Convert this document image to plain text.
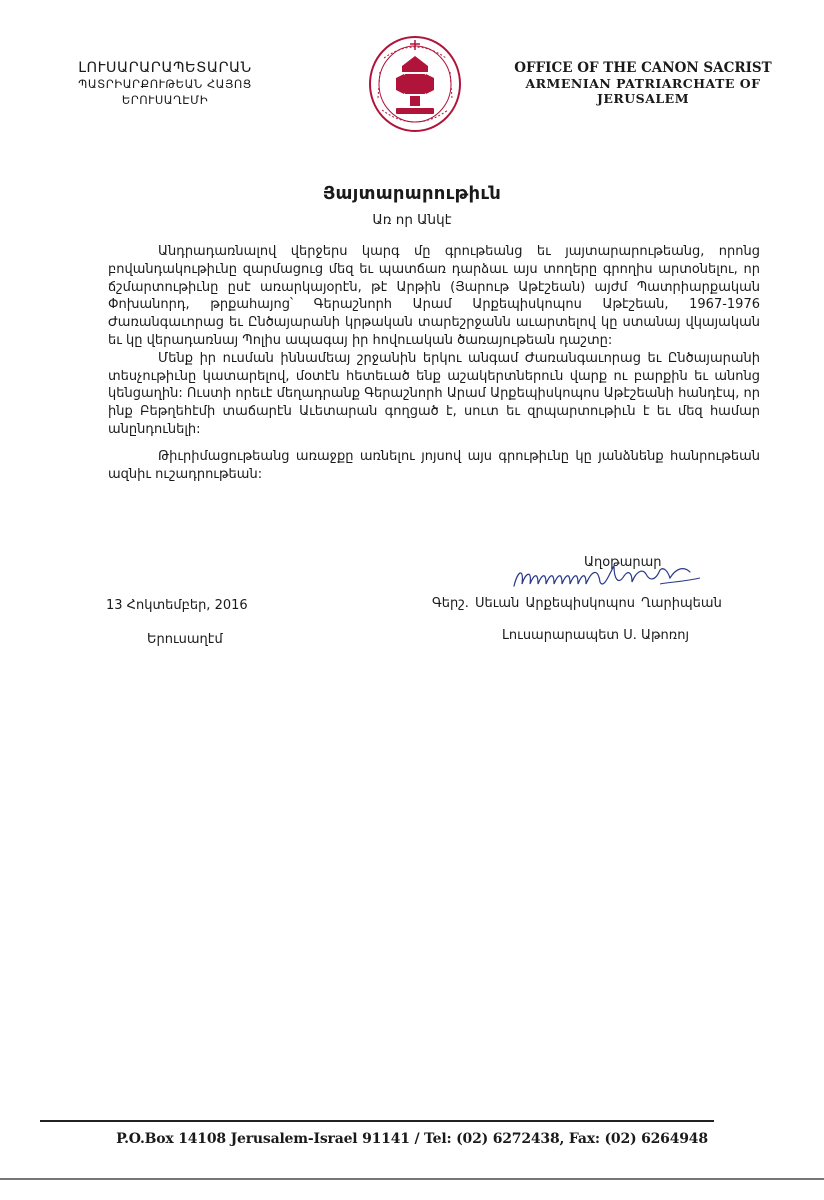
ԼՈՒՍԱՐԱՐԱՊԵՏԱՐԱՆ
ՊԱՏՐԻԱՐՔՈՒԹԵԱՆ ՀԱՅՈՑ
ԵՐՈՒՍԱՂԷՄԻ
OFFICE OF THE CANON SACRIST
ARMENIAN PATRIARCHATE OF
JERUSALEM
Յայտարարութիւն
Առ որ Անկէ

Անդրադառնալով վերջերս կարգ մը գրութեանց եւ յայտարարութեանց, որոնց բովանդակութիւնը զարմացուց մեզ եւ պատճառ դարձաւ այս տողերը գրողիս արտօնելու, որ ճշմարտութիւնը ըսէ առարկայօրէն, թէ Արթին (Յարութ Աթէշեան) այժմ Պատրիարքական Փոխանորդ, թրքահայոց՝ Գերաշնորհ Արամ Արքեպիսկոպոս Աթէշեան, 1967-1976 Ժառանգաւորաց եւ Ընծայարանի կրթական տարեշրջանն աւարտելով կը ստանայ վկայական եւ կը վերադառնայ Պոլիս ապագայ իր հովուական ծառայութեան դաշտը:

Մենք իր ուսման իննամեայ շրջանին երկու անգամ Ժառանգաւորաց եւ Ընծայարանի տեսչութիւնը կատարելով, մօտէն հետեւած ենք աշակերտներուն վարք ու բարքին եւ անոնց կենցաղին: Ուստի որեւէ մեղադրանք Գերաշնորհ Արամ Արքեպիսկոպոս Աթէշեանի հանդէպ, որ ինք Բեթղեհէմի տաճարէն Աւետարան գողցած է, սուտ եւ զրպարտութիւն է եւ մեզ համար անընդունելի:

Թիւրիմացութեանց առաջքը առնելու յոյսով այս գրութիւնը կը յանձնենք հանրութեան ազնիւ ուշադրութեան:

Աղօթարար
Գերշ. Սեւան Արքեպիսկոպոս Ղարիպեան
Լուսարարապետ Ս. Աթոռոյ
13 Հոկտեմբեր, 2016
Երուսաղէմ
P.O.Box 14108 Jerusalem-Israel 91141 / Tel: (02) 6272438, Fax: (02) 6264948
